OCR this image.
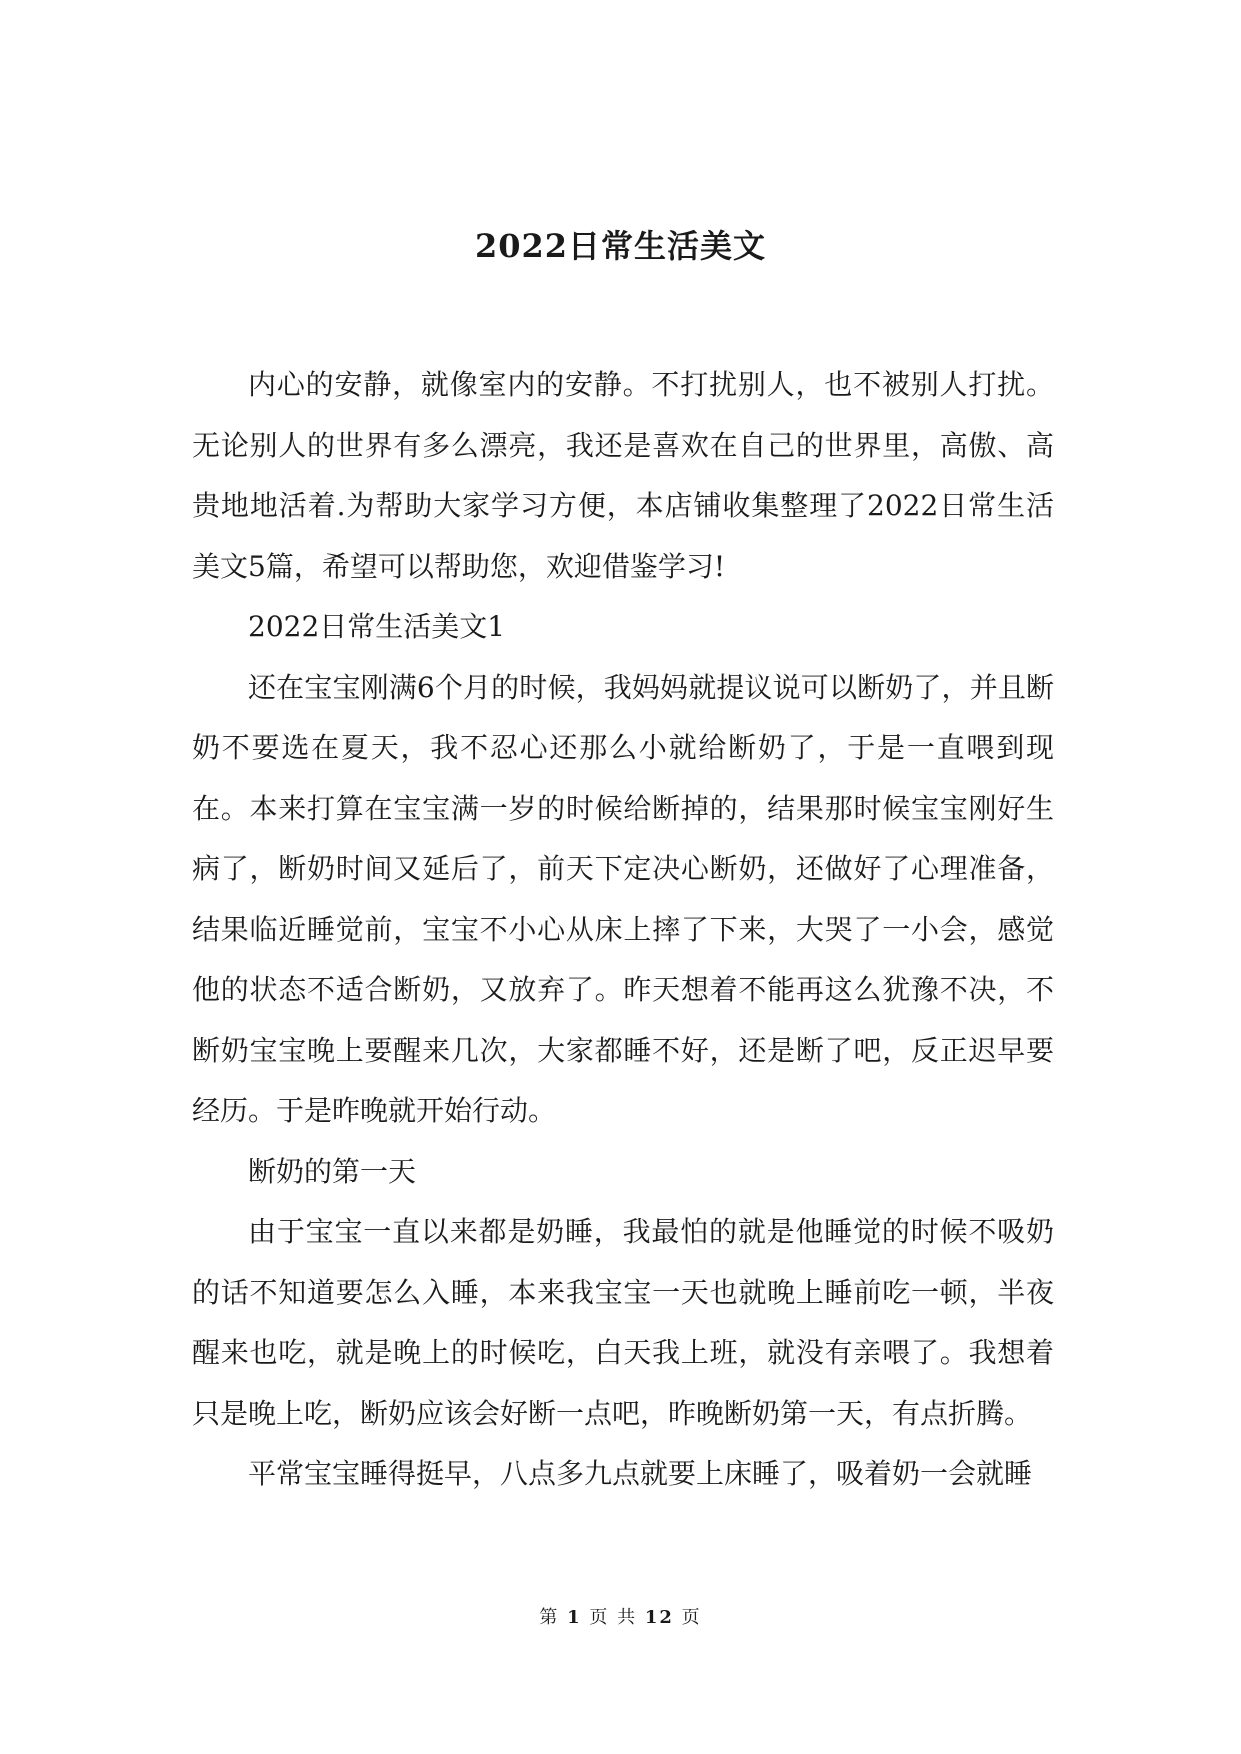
2022日常生活美文

内心的安静，就像室内的安静。不打扰别人，也不被别人打扰。无论别人的世界有多么漂亮，我还是喜欢在自己的世界里，高傲、高贵地地活着.为帮助大家学习方便，本店铺收集整理了2022日常生活美文5篇，希望可以帮助您，欢迎借鉴学习!

2022日常生活美文1

还在宝宝刚满6个月的时候，我妈妈就提议说可以断奶了，并且断奶不要选在夏天，我不忍心还那么小就给断奶了，于是一直喂到现在。本来打算在宝宝满一岁的时候给断掉的，结果那时候宝宝刚好生病了，断奶时间又延后了，前天下定决心断奶，还做好了心理准备，结果临近睡觉前，宝宝不小心从床上摔了下来，大哭了一小会，感觉他的状态不适合断奶，又放弃了。昨天想着不能再这么犹豫不决，不断奶宝宝晚上要醒来几次，大家都睡不好，还是断了吧，反正迟早要经历。于是昨晚就开始行动。

断奶的第一天

由于宝宝一直以来都是奶睡，我最怕的就是他睡觉的时候不吸奶的话不知道要怎么入睡，本来我宝宝一天也就晚上睡前吃一顿，半夜醒来也吃，就是晚上的时候吃，白天我上班，就没有亲喂了。我想着只是晚上吃，断奶应该会好断一点吧，昨晚断奶第一天，有点折腾。

平常宝宝睡得挺早，八点多九点就要上床睡了，吸着奶一会就睡

第 1 页 共 12 页
